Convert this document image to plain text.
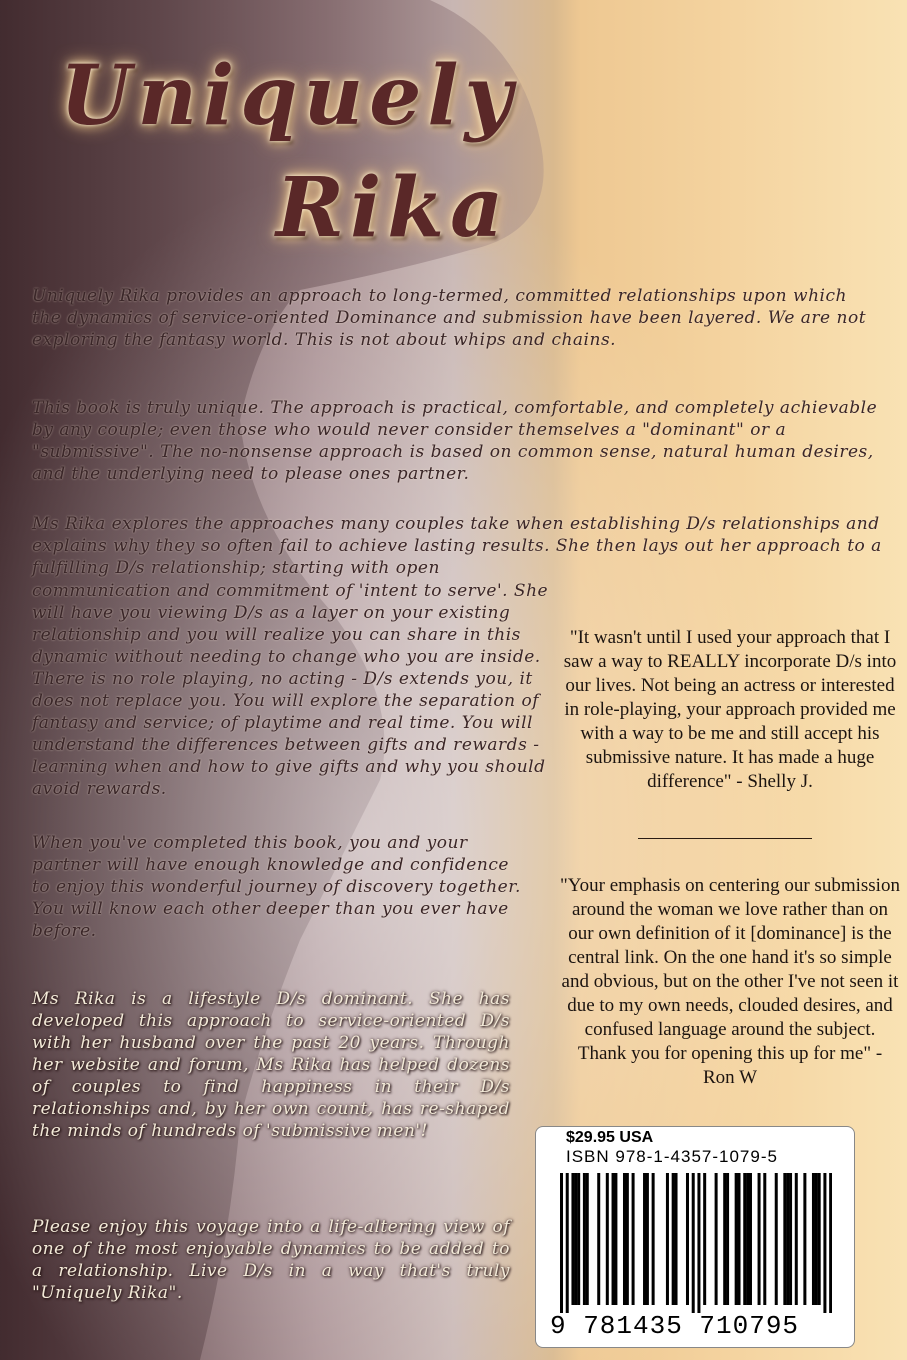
Uniquely
Rika

Uniquely Rika provides an approach to long-termed, committed relationships upon which the dynamics of service-oriented Dominance and submission have been layered. We are not exploring the fantasy world. This is not about whips and chains.

This book is truly unique. The approach is practical, comfortable, and completely achievable by any couple; even those who would never consider themselves a "dominant" or a "submissive". The no-nonsense approach is based on common sense, natural human desires, and the underlying need to please ones partner.

Ms Rika explores the approaches many couples take when establishing D/s relationships and explains why they so often fail to achieve lasting results. She then lays out her approach to a fulfilling D/s relationship; starting with open

communication and commitment of 'intent to serve'. She will have you viewing D/s as a layer on your existing relationship and you will realize you can share in this dynamic without needing to change who you are inside. There is no role playing, no acting - D/s extends you, it does not replace you. You will explore the separation of fantasy and service; of playtime and real time. You will understand the differences between gifts and rewards - learning when and how to give gifts and why you should avoid rewards.

When you've completed this book, you and your partner will have enough knowledge and confidence to enjoy this wonderful journey of discovery together. You will know each other deeper than you ever have before.

Ms Rika is a lifestyle D/s dominant. She has developed this approach to service-oriented D/s with her husband over the past 20 years. Through her website and forum, Ms Rika has helped dozens of couples to find happiness in their D/s relationships and, by her own count, has re-shaped the minds of hundreds of 'submissive men'!

Please enjoy this voyage into a life-altering view of one of the most enjoyable dynamics to be added to a relationship. Live D/s in a way that's truly "Uniquely Rika".

"It wasn't until I used your approach that I saw a way to REALLY incorporate D/s into our lives. Not being an actress or interested in role-playing, your approach provided me with a way to be me and still accept his submissive nature. It has made a huge difference" - Shelly J.

"Your emphasis on centering our submission around the woman we love rather than on our own definition of it [dominance] is the central link. On the one hand it's so simple and obvious, but on the other I've not seen it due to my own needs, clouded desires, and confused language around the subject. Thank you for opening this up for me" - Ron W

$29.95 USA
ISBN 978-1-4357-1079-5
9 781435 710795
